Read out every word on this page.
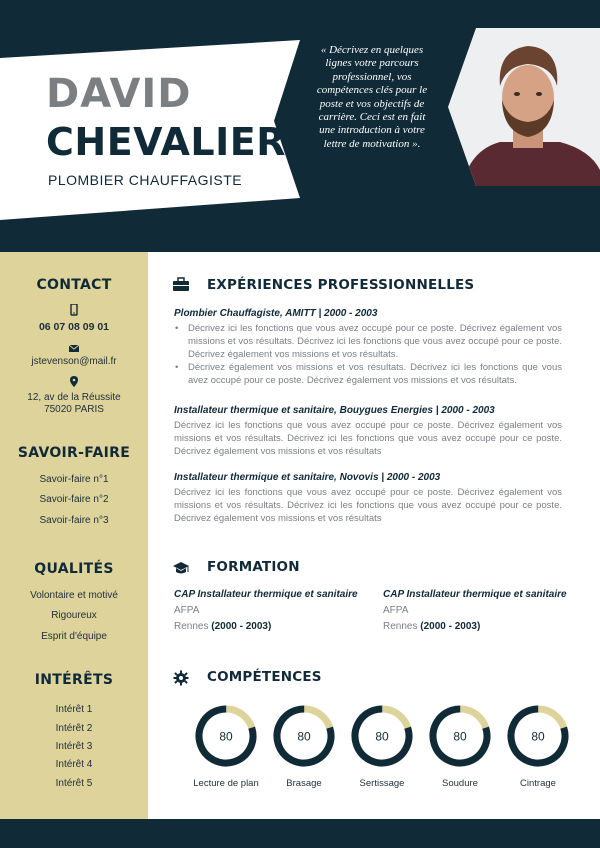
DAVID
CHEVALIER
PLOMBIER CHAUFFAGISTE
« Décrivez en quelques lignes votre parcours professionnel, vos compétences clés pour le poste et vos objectifs de carrière. Ceci est en fait une introduction à votre lettre de motivation ».
CONTACT
06 07 08 09 01
jstevenson@mail.fr
12, av de la Réussite
75020 PARIS
SAVOIR-FAIRE
Savoir-faire n°1
Savoir-faire n°2
Savoir-faire n°3
QUALITÉS
Volontaire et motivé
Rigoureux
Esprit d'équipe
INTÉRÊTS
Intérêt 1
Intérêt 2
Intérêt 3
Intérêt 4
Intérêt 5
EXPÉRIENCES PROFESSIONNELLES
Plombier Chauffagiste, AMITT | 2000 - 2003
• Décrivez ici les fonctions que vous avez occupé pour ce poste. Décrivez également vos missions et vos résultats. Décrivez ici les fonctions que vous avez occupé pour ce poste. Décrivez également vos missions et vos résultats.
• Décrivez également vos missions et vos résultats. Décrivez ici les fonctions que vous avez occupé pour ce poste. Décrivez également vos missions et vos résultats.
Installateur thermique et sanitaire, Bouygues Energies | 2000 - 2003
Décrivez ici les fonctions que vous avez occupé pour ce poste. Décrivez également vos missions et vos résultats. Décrivez ici les fonctions que vous avez occupé pour ce poste. Décrivez également vos missions et vos résultats
Installateur thermique et sanitaire, Novovis | 2000 - 2003
Décrivez ici les fonctions que vous avez occupé pour ce poste. Décrivez également vos missions et vos résultats. Décrivez ici les fonctions que vous avez occupé pour ce poste. Décrivez également vos missions et vos résultats
FORMATION
CAP Installateur thermique et sanitaire
AFPA
Rennes (2000 - 2003)
CAP Installateur thermique et sanitaire
AFPA
Rennes (2000 - 2003)
COMPÉTENCES
80	80	80	80	80
Lecture de plan	Brasage	Sertissage	Soudure	Cintrage
